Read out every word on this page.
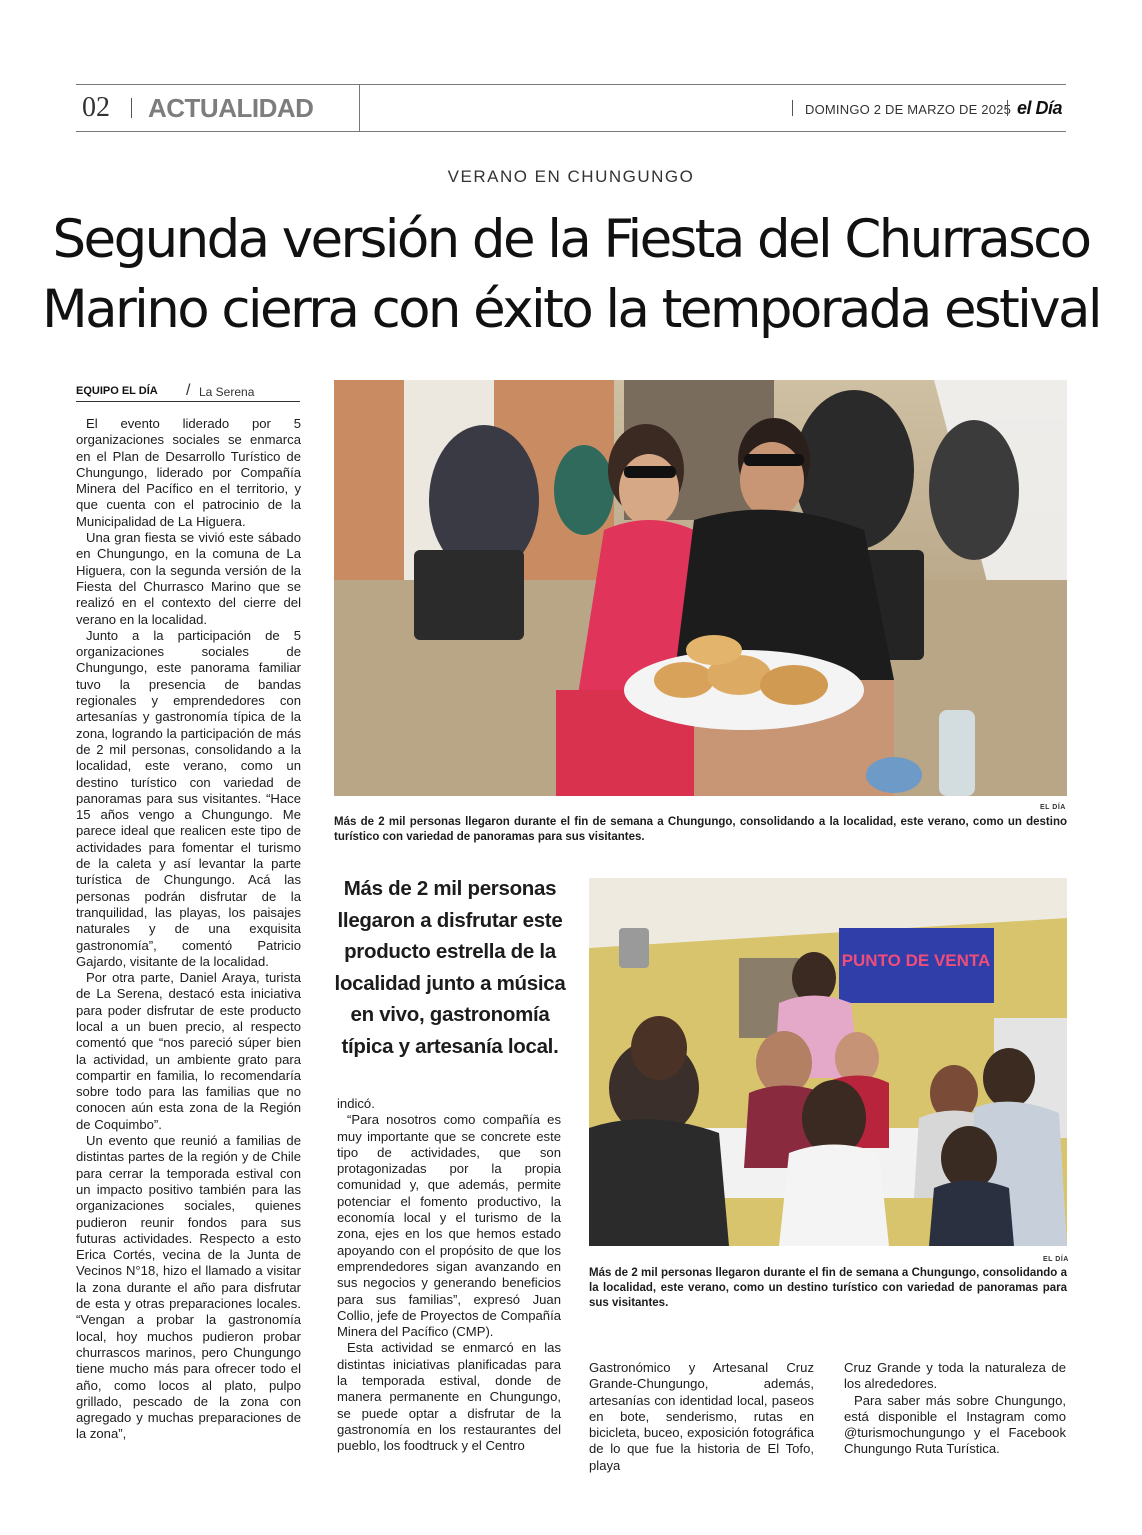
02 ACTUALIDAD	DOMINGO 2 DE MARZO DE 2025 el Día
VERANO EN CHUNGUNGO
Segunda versión de la Fiesta del Churrasco
Marino cierra con éxito la temporada estival
EQUIPO EL DÍA / La Serena

El evento liderado por 5 organizaciones sociales se enmarca en el Plan de Desarrollo Turístico de Chungungo, liderado por Compañía Minera del Pacífico en el territorio, y que cuenta con el patrocinio de la Municipalidad de La Higuera.

Una gran fiesta se vivió este sábado en Chungungo, en la comuna de La Higuera, con la segunda versión de la Fiesta del Churrasco Marino que se realizó en el contexto del cierre del verano en la localidad.

Junto a la participación de 5 organizaciones sociales de Chungungo, este panorama familiar tuvo la presencia de bandas regionales y emprendedores con artesanías y gastronomía típica de la zona, logrando la participación de más de 2 mil personas, consolidando a la localidad, este verano, como un destino turístico con variedad de panoramas para sus visitantes. “Hace 15 años vengo a Chungungo. Me parece ideal que realicen este tipo de actividades para fomentar el turismo de la caleta y así levantar la parte turística de Chungungo. Acá las personas podrán disfrutar de la tranquilidad, las playas, los paisajes naturales y de una exquisita gastronomía”, comentó Patricio Gajardo, visitante de la localidad.

Por otra parte, Daniel Araya, turista de La Serena, destacó esta iniciativa para poder disfrutar de este producto local a un buen precio, al respecto comentó que “nos pareció súper bien la actividad, un ambiente grato para compartir en familia, lo recomendaría sobre todo para las familias que no conocen aún esta zona de la Región de Coquimbo”.

Un evento que reunió a familias de distintas partes de la región y de Chile para cerrar la temporada estival con un impacto positivo también para las organizaciones sociales, quienes pudieron reunir fondos para sus futuras actividades. Respecto a esto Erica Cortés, vecina de la Junta de Vecinos N°18, hizo el llamado a visitar la zona durante el año para disfrutar de esta y otras preparaciones locales. “Vengan a probar la gastronomía local, hoy muchos pudieron probar churrascos marinos, pero Chungungo tiene mucho más para ofrecer todo el año, como locos al plato, pulpo grillado, pescado de la zona con agregado y muchas preparaciones de la zona”,

EL DÍA
Más de 2 mil personas llegaron durante el fin de semana a Chungungo, consolidando a la localidad, este verano, como un destino turístico con variedad de panoramas para sus visitantes.
Más de 2 mil personas llegaron a disfrutar este producto estrella de la localidad junto a música en vivo, gastronomía típica y artesanía local.

indicó.

“Para nosotros como compañía es muy importante que se concrete este tipo de actividades, que son protagonizadas por la propia comunidad y, que además, permite potenciar el fomento productivo, la economía local y el turismo de la zona, ejes en los que hemos estado apoyando con el propósito de que los emprendedores sigan avanzando en sus negocios y generando beneficios para sus familias”, expresó Juan Collio, jefe de Proyectos de Compañía Minera del Pacífico (CMP).

Esta actividad se enmarcó en las distintas iniciativas planificadas para la temporada estival, donde de manera permanente en Chungungo, se puede optar a disfrutar de la gastronomía en los restaurantes del pueblo, los foodtruck y el Centro

PUNTO DE VENTA
EL DÍA
Más de 2 mil personas llegaron durante el fin de semana a Chungungo, consolidando a la localidad, este verano, como un destino turístico con variedad de panoramas para sus visitantes.

Gastronómico y Artesanal Cruz Grande-Chungungo, además, artesanías con identidad local, paseos en bote, senderismo, rutas en bicicleta, buceo, exposición fotográfica de lo que fue la historia de El Tofo, playa

Cruz Grande y toda la naturaleza de los alrededores.

Para saber más sobre Chungungo, está disponible el Instagram como @turismochungungo y el Facebook Chungungo Ruta Turística.
